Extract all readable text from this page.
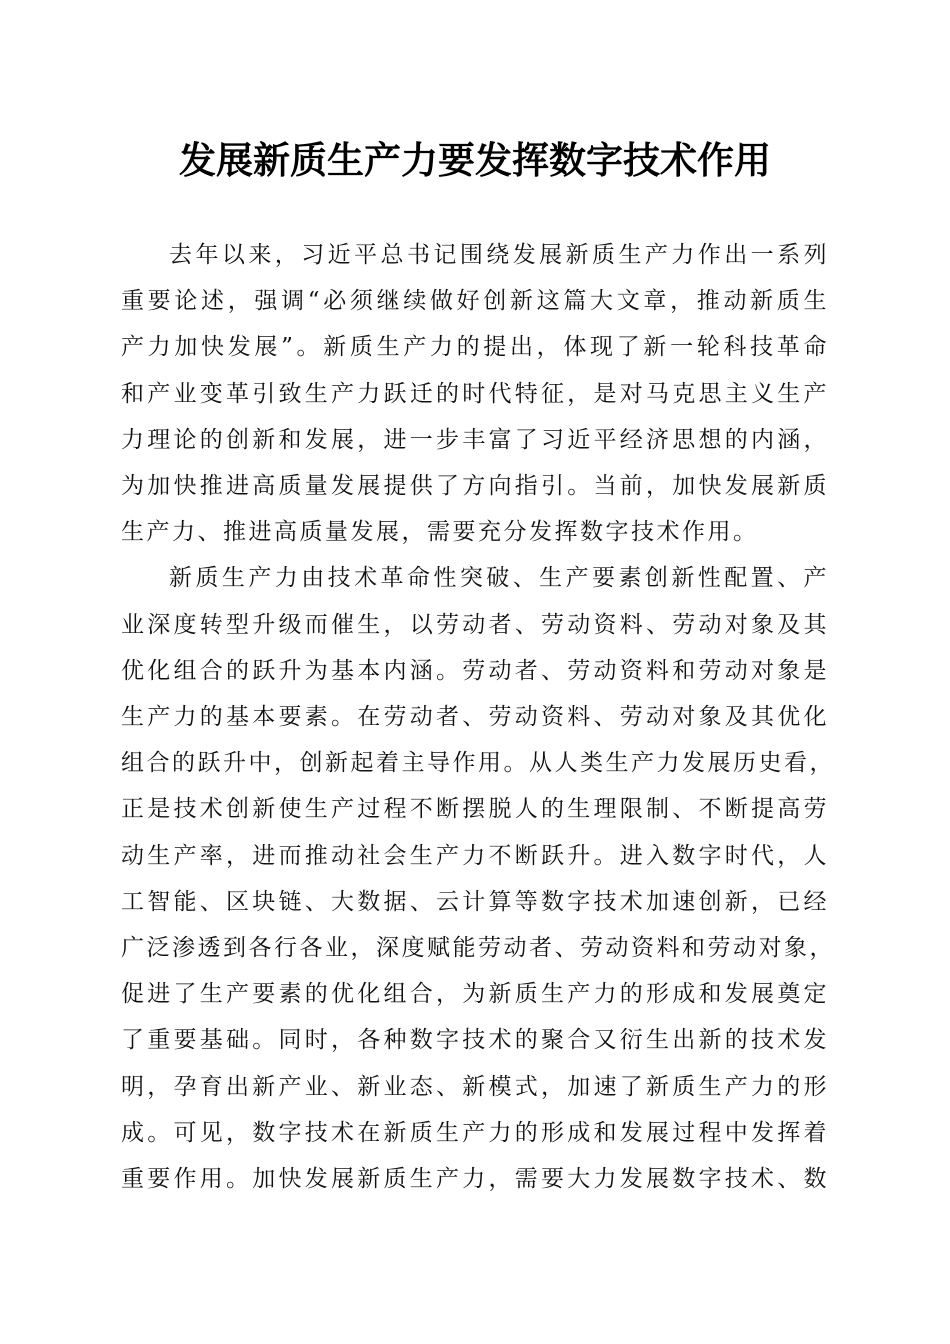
发展新质生产力要发挥数字技术作用

去年以来，习近平总书记围绕发展新质生产力作出一系列
重要论述，强调“必须继续做好创新这篇大文章，推动新质生
产力加快发展”。新质生产力的提出，体现了新一轮科技革命
和产业变革引致生产力跃迁的时代特征，是对马克思主义生产
力理论的创新和发展，进一步丰富了习近平经济思想的内涵，
为加快推进高质量发展提供了方向指引。当前，加快发展新质
生产力、推进高质量发展，需要充分发挥数字技术作用。

新质生产力由技术革命性突破、生产要素创新性配置、产
业深度转型升级而催生，以劳动者、劳动资料、劳动对象及其
优化组合的跃升为基本内涵。劳动者、劳动资料和劳动对象是
生产力的基本要素。在劳动者、劳动资料、劳动对象及其优化
组合的跃升中，创新起着主导作用。从人类生产力发展历史看，
正是技术创新使生产过程不断摆脱人的生理限制、不断提高劳
动生产率，进而推动社会生产力不断跃升。进入数字时代，人
工智能、区块链、大数据、云计算等数字技术加速创新，已经
广泛渗透到各行各业，深度赋能劳动者、劳动资料和劳动对象，
促进了生产要素的优化组合，为新质生产力的形成和发展奠定
了重要基础。同时，各种数字技术的聚合又衍生出新的技术发
明，孕育出新产业、新业态、新模式，加速了新质生产力的形
成。可见，数字技术在新质生产力的形成和发展过程中发挥着
重要作用。加快发展新质生产力，需要大力发展数字技术、数
